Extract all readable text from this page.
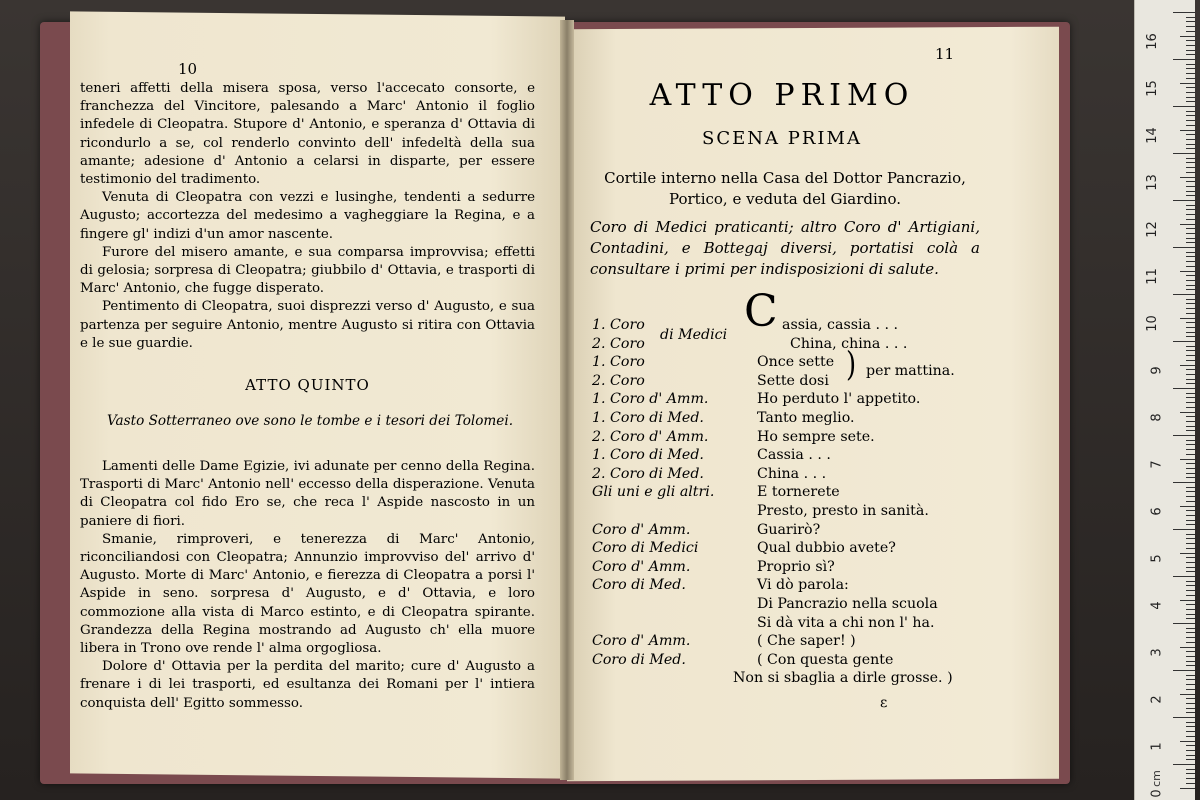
10

teneri affetti della misera sposa, verso l'accecato consorte, e franchezza del Vincitore, palesando a Marc' Antonio il foglio infedele di Cleopatra. Stupore d' Antonio, e speranza d' Ottavia di ricondurlo a se, col renderlo convinto dell' infedeltà della sua amante; adesione d' Antonio a celarsi in disparte, per essere testimonio del tradimento.

Venuta di Cleopatra con vezzi e lusinghe, tendenti a sedurre Augusto; accortezza del medesimo a vagheggiare la Regina, e a fingere gl' indizi d'un amor nascente.

Furore del misero amante, e sua comparsa improvvisa; effetti di gelosia; sorpresa di Cleopatra; giubbilo d' Ottavia, e trasporti di Marc' Antonio, che fugge disperato.

Pentimento di Cleopatra, suoi disprezzi verso d' Augusto, e sua partenza per seguire Antonio, mentre Augusto si ritira con Ottavia e le sue guardie.

ATTO QUINTO
Vasto Sotterraneo ove sono le tombe e i tesori dei Tolomei.

Lamenti delle Dame Egizie, ivi adunate per cenno della Regina. Trasporti di Marc' Antonio nell' eccesso della disperazione. Venuta di Cleopatra col fido Ero se, che reca l' Aspide nascosto in un paniere di fiori.

Smanie, rimproveri, e tenerezza di Marc' Antonio, riconciliandosi con Cleopatra; Annunzio improvviso del' arrivo d' Augusto. Morte di Marc' Antonio, e fierezza di Cleopatra a porsi l' Aspide in seno. sorpresa d' Augusto, e d' Ottavia, e loro commozione alla vista di Marco estinto, e di Cleopatra spirante. Grandezza della Regina mostrando ad Augusto ch' ella muore libera in Trono ove rende l' alma orgogliosa.

Dolore d' Ottavia per la perdita del marito; cure d' Augusto a frenare i di lei trasporti, ed esultanza dei Romani per l' intiera conquista dell' Egitto sommesso.

11
ATTO PRIMO
SCENA PRIMA
Cortile interno nella Casa del Dottor Pancrazio,
Portico, e veduta del Giardino.
Coro di Medici praticanti; altro Coro d' Artigiani, Contadini, e Bottegaj diversi, portatisi colà a consultare i primi per indisposizioni di salute.
1. Coro	assia, cassia . . .
2. Coro	China, china . . .
1. Coro	Once sette
2. Coro	Sette dosi
1. Coro d' Amm.	Ho perduto l' appetito.
1. Coro di Med.	Tanto meglio.
2. Coro d' Amm.	Ho sempre sete.
1. Coro di Med.	Cassia . . .
2. Coro di Med.	China . . .
Gli uni e gli altri.	E tornerete
Presto, presto in sanità.
Coro d' Amm.	Guarirò?
Coro di Medici	Qual dubbio avete?
Coro d' Amm.	Proprio sì?
Coro di Med.	Vi dò parola:
Di Pancrazio nella scuola
Si dà vita a chi non l' ha.
Coro d' Amm.	( Che saper! )
Coro di Med.	( Con questa gente
Non si sbaglia a dirle grosse. )
di Medici
) per mattina.
ε
16
15
14
13
12
11
10
9
8
7
6
5
4
3
2
1
0
cm
C
